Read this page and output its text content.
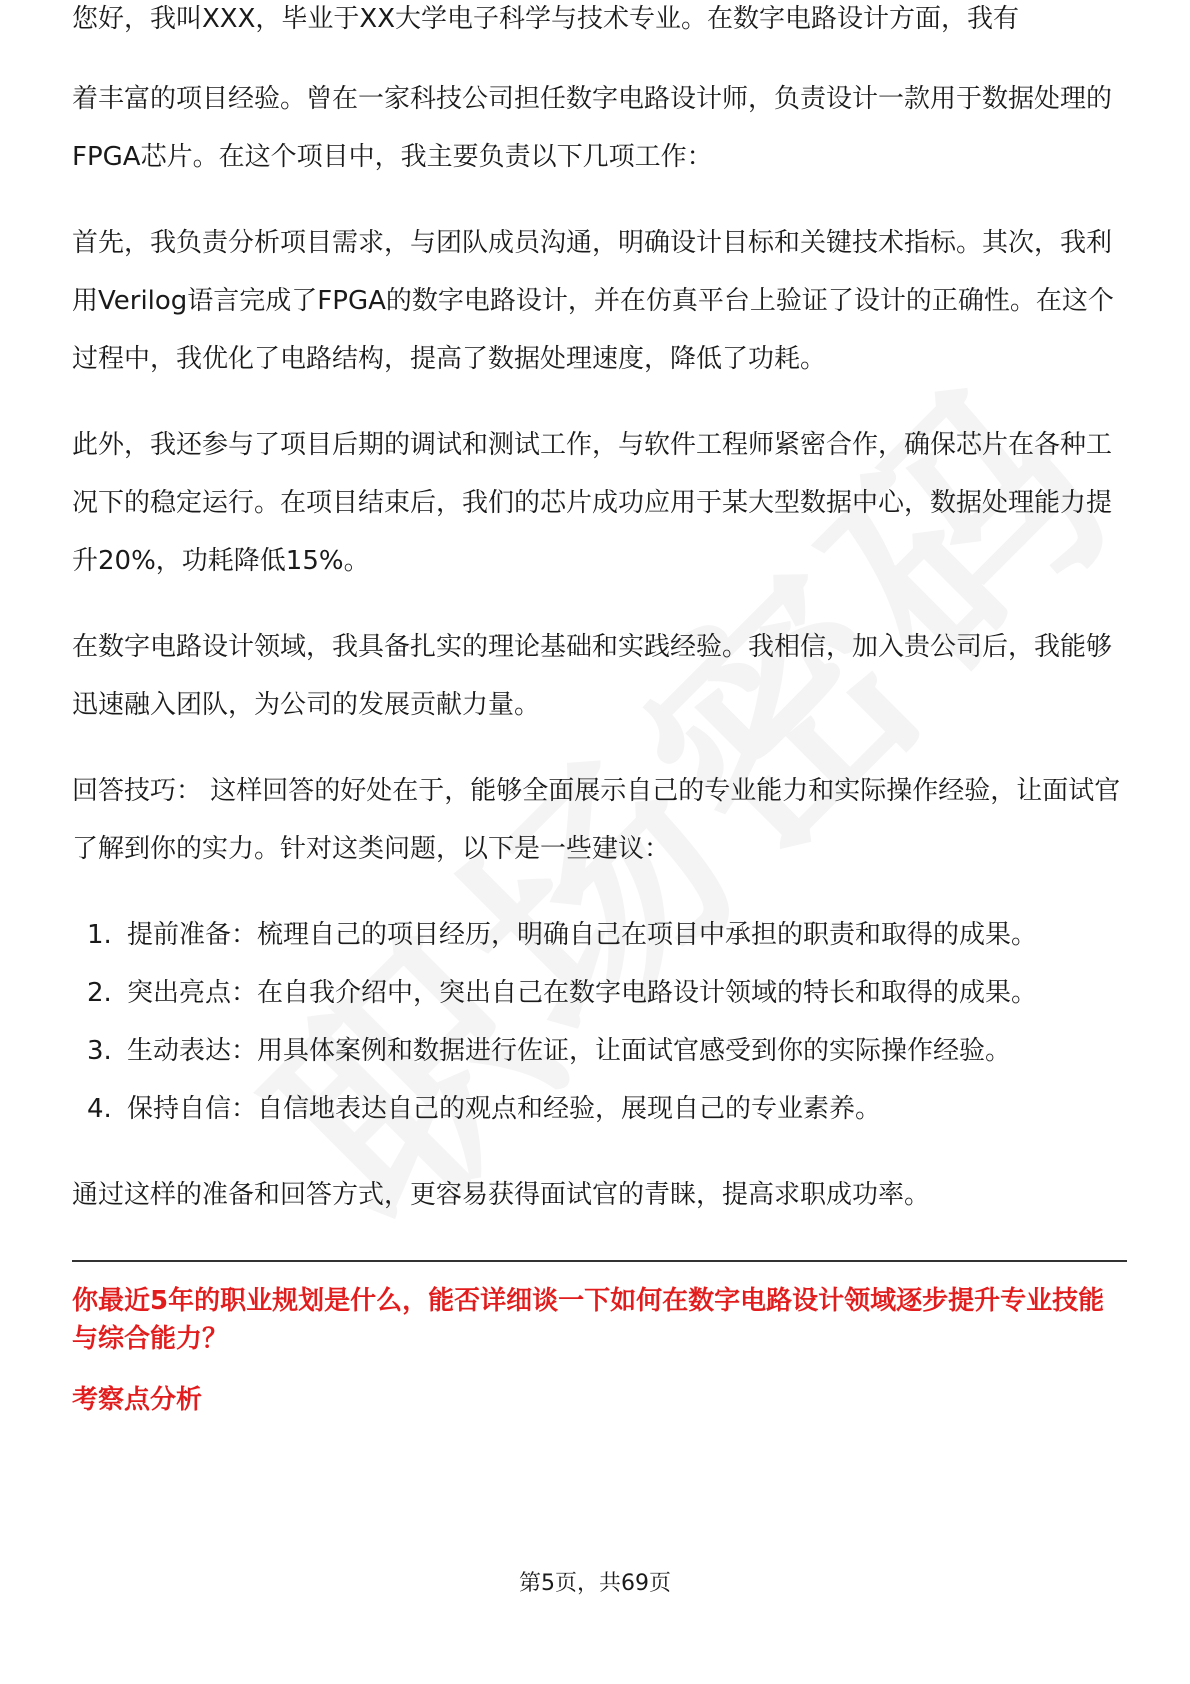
您好，我叫XXX，毕业于XX大学电子科学与技术专业。在数字电路设计方面，我有

着丰富的项目经验。曾在一家科技公司担任数字电路设计师，负责设计一款用于数据处理的FPGA芯片。在这个项目中，我主要负责以下几项工作：

首先，我负责分析项目需求，与团队成员沟通，明确设计目标和关键技术指标。其次，我利用Verilog语言完成了FPGA的数字电路设计，并在仿真平台上验证了设计的正确性。在这个过程中，我优化了电路结构，提高了数据处理速度，降低了功耗。

此外，我还参与了项目后期的调试和测试工作，与软件工程师紧密合作，确保芯片在各种工况下的稳定运行。在项目结束后，我们的芯片成功应用于某大型数据中心，数据处理能力提升20%，功耗降低15%。

在数字电路设计领域，我具备扎实的理论基础和实践经验。我相信，加入贵公司后，我能够迅速融入团队，为公司的发展贡献力量。

回答技巧： 这样回答的好处在于，能够全面展示自己的专业能力和实际操作经验，让面试官了解到你的实力。针对这类问题，以下是一些建议：

1. 提前准备：梳理自己的项目经历，明确自己在项目中承担的职责和取得的成果。
2. 突出亮点：在自我介绍中，突出自己在数字电路设计领域的特长和取得的成果。
3. 生动表达：用具体案例和数据进行佐证，让面试官感受到你的实际操作经验。
4. 保持自信：自信地表达自己的观点和经验，展现自己的专业素养。

通过这样的准备和回答方式，更容易获得面试官的青睐，提高求职成功率。

你最近5年的职业规划是什么，能否详细谈一下如何在数字电路设计领域逐步提升专业技能与综合能力？
考察点分析
第5页，共69页
